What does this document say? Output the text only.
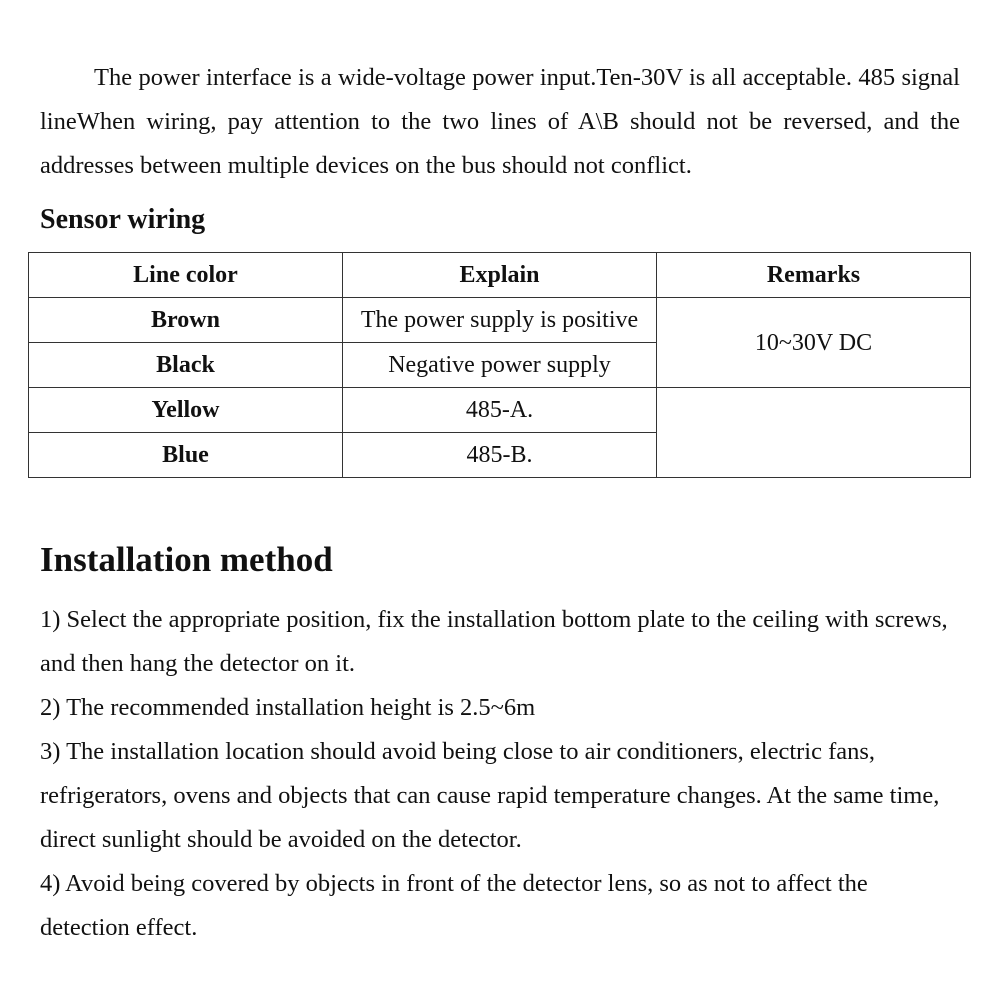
The power interface is a wide-voltage power input.Ten-30V is all acceptable. 485 signal lineWhen wiring, pay attention to the two lines of A\B should not be reversed, and the addresses between multiple devices on the bus should not conflict.

Sensor wiring
Line color	Explain	Remarks
Brown	The power supply is positive	10~30V DC
Black	Negative power supply	
Yellow	485-A.	
Blue	485-B.	
Installation method
1) Select the appropriate position, fix the installation bottom plate to the ceiling with screws, and then hang the detector on it.
2) The recommended installation height is 2.5~6m
3) The installation location should avoid being close to air conditioners, electric fans, refrigerators, ovens and objects that can cause rapid temperature changes. At the same time, direct sunlight should be avoided on the detector.
4) Avoid being covered by objects in front of the detector lens, so as not to affect the detection effect.
